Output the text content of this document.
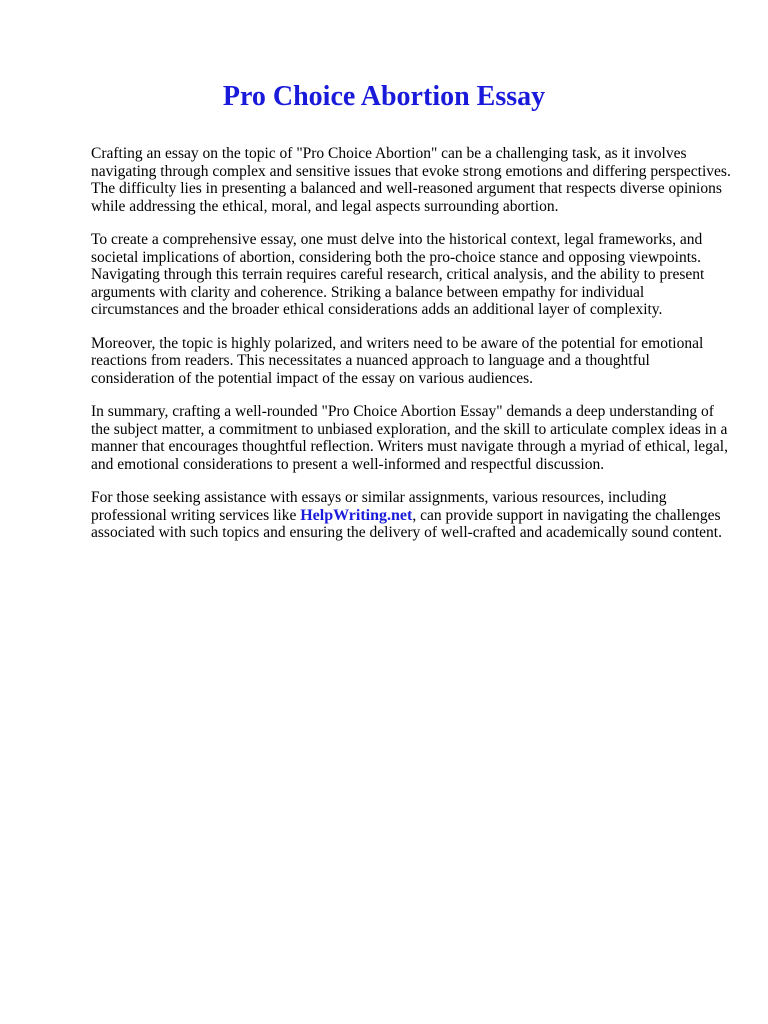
Pro Choice Abortion Essay

Crafting an essay on the topic of "Pro Choice Abortion" can be a challenging task, as it involves navigating through complex and sensitive issues that evoke strong emotions and differing perspectives. The difficulty lies in presenting a balanced and well-reasoned argument that respects diverse opinions while addressing the ethical, moral, and legal aspects surrounding abortion.

To create a comprehensive essay, one must delve into the historical context, legal frameworks, and societal implications of abortion, considering both the pro-choice stance and opposing viewpoints. Navigating through this terrain requires careful research, critical analysis, and the ability to present arguments with clarity and coherence. Striking a balance between empathy for individual circumstances and the broader ethical considerations adds an additional layer of complexity.

Moreover, the topic is highly polarized, and writers need to be aware of the potential for emotional reactions from readers. This necessitates a nuanced approach to language and a thoughtful consideration of the potential impact of the essay on various audiences.

In summary, crafting a well-rounded "Pro Choice Abortion Essay" demands a deep understanding of the subject matter, a commitment to unbiased exploration, and the skill to articulate complex ideas in a manner that encourages thoughtful reflection. Writers must navigate through a myriad of ethical, legal, and emotional considerations to present a well-informed and respectful discussion.

For those seeking assistance with essays or similar assignments, various resources, including professional writing services like HelpWriting.net, can provide support in navigating the challenges associated with such topics and ensuring the delivery of well-crafted and academically sound content.
